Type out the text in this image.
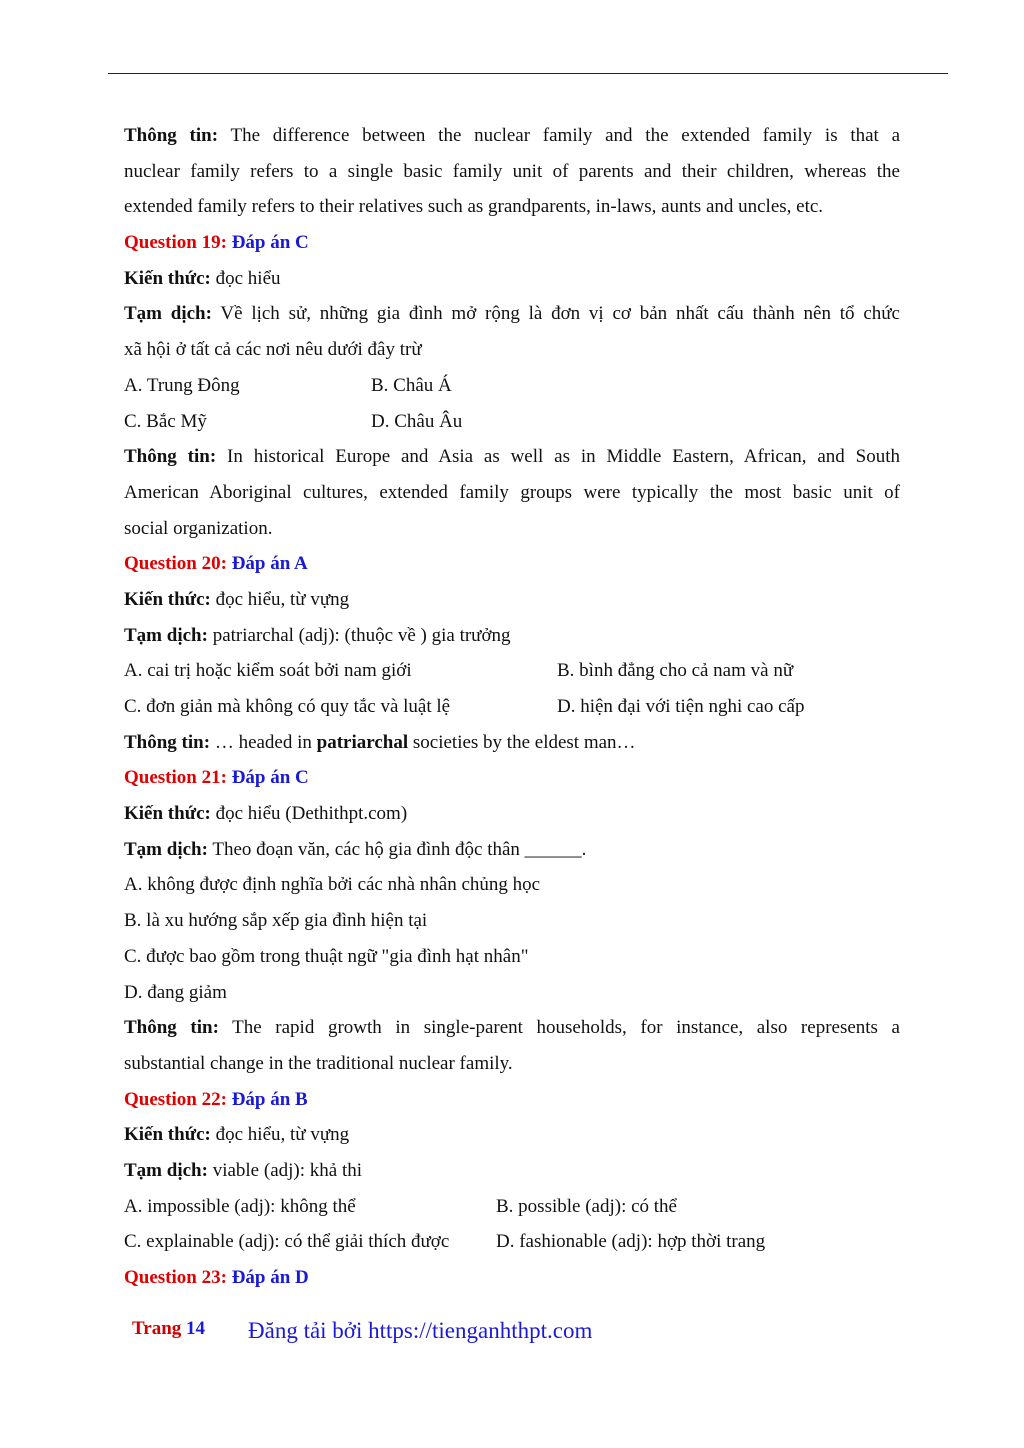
Thông tin: The difference between the nuclear family and the extended family is that a
nuclear family refers to a single basic family unit of parents and their children, whereas the
extended family refers to their relatives such as grandparents, in-laws, aunts and uncles, etc.
Question 19: Đáp án C
Kiến thức: đọc hiểu
Tạm dịch: Về lịch sử, những gia đình mở rộng là đơn vị cơ bản nhất cấu thành nên tổ chức
xã hội ở tất cả các nơi nêu dưới đây trừ
A. Trung Đông	B. Châu Á
C. Bắc Mỹ	D. Châu Âu
Thông tin: In historical Europe and Asia as well as in Middle Eastern, African, and South
American Aboriginal cultures, extended family groups were typically the most basic unit of
social organization.
Question 20: Đáp án A
Kiến thức: đọc hiểu, từ vựng
Tạm dịch: patriarchal (adj): (thuộc về ) gia trưởng
A. cai trị hoặc kiểm soát bởi nam giới	B. bình đẳng cho cả nam và nữ
C. đơn giản mà không có quy tắc và luật lệ	D. hiện đại với tiện nghi cao cấp
Thông tin: … headed in patriarchal societies by the eldest man…
Question 21: Đáp án C
Kiến thức: đọc hiểu (Dethithpt.com)
Tạm dịch: Theo đoạn văn, các hộ gia đình độc thân ______.
A. không được định nghĩa bởi các nhà nhân chủng học
B. là xu hướng sắp xếp gia đình hiện tại
C. được bao gồm trong thuật ngữ "gia đình hạt nhân"
D. đang giảm
Thông tin: The rapid growth in single-parent households, for instance, also represents a
substantial change in the traditional nuclear family.
Question 22: Đáp án B
Kiến thức: đọc hiểu, từ vựng
Tạm dịch: viable (adj): khả thi
A. impossible (adj): không thể	B. possible (adj): có thể
C. explainable (adj): có thể giải thích được D. fashionable (adj): hợp thời trang
Question 23: Đáp án D
Trang 14 Đăng tải bởi https://tienganhthpt.com
